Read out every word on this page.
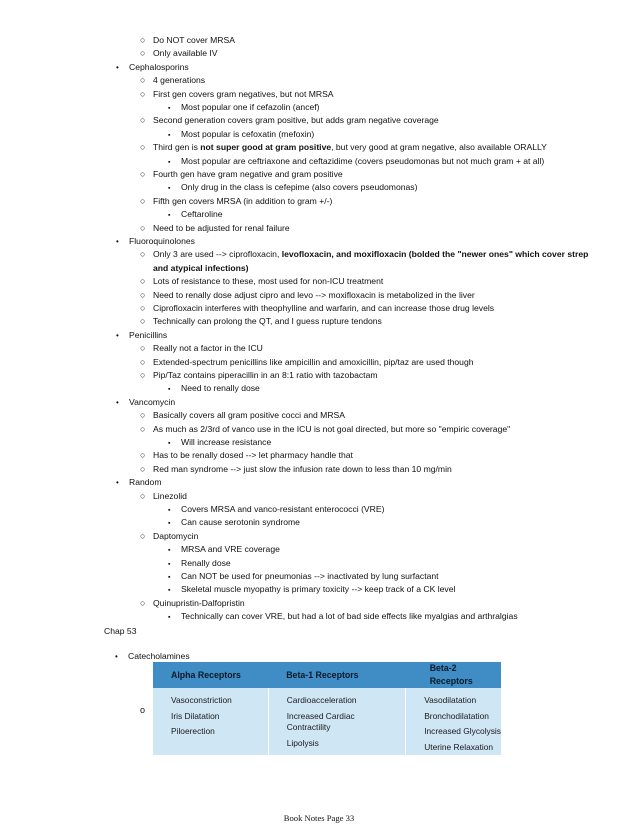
○ Do NOT cover MRSA
○ Only available IV
• Cephalosporins
○ 4 generations
○ First gen covers gram negatives, but not MRSA
▪ Most popular one if cefazolin (ancef)
○ Second generation covers gram positive, but adds gram negative coverage
▪ Most popular is cefoxatin (mefoxin)
○ Third gen is not super good at gram positive, but very good at gram negative, also available ORALLY
▪ Most popular are ceftriaxone and ceftazidime (covers pseudomonas but not much gram + at all)
○ Fourth gen have gram negative and gram positive
▪ Only drug in the class is cefepime (also covers pseudomonas)
○ Fifth gen covers MRSA (in addition to gram +/-)
▪ Ceftaroline
○ Need to be adjusted for renal failure
• Fluoroquinolones
○ Only 3 are used --> ciprofloxacin, levofloxacin, and moxifloxacin (bolded the "newer ones" which cover strep
and atypical infections)
○ Lots of resistance to these, most used for non-ICU treatment
○ Need to renally dose adjust cipro and levo --> moxifloxacin is metabolized in the liver
○ Ciprofloxacin interferes with theophylline and warfarin, and can increase those drug levels
○ Technically can prolong the QT, and I guess rupture tendons
• Penicillins
○ Really not a factor in the ICU
○ Extended-spectrum penicillins like ampicillin and amoxicillin, pip/taz are used though
○ Pip/Taz contains piperacillin in an 8:1 ratio with tazobactam
▪ Need to renally dose
• Vancomycin
○ Basically covers all gram positive cocci and MRSA
○ As much as 2/3rd of vanco use in the ICU is not goal directed, but more so "empiric coverage"
▪ Will increase resistance
○ Has to be renally dosed --> let pharmacy handle that
○ Red man syndrome --> just slow the infusion rate down to less than 10 mg/min
• Random
○ Linezolid
▪ Covers MRSA and vanco-resistant enterococci (VRE)
▪ Can cause serotonin syndrome
○ Daptomycin
▪ MRSA and VRE coverage
▪ Renally dose
▪ Can NOT be used for pneumonias --> inactivated by lung surfactant
▪ Skeletal muscle myopathy is primary toxicity --> keep track of a CK level
○ Quinupristin-Dalfopristin
▪ Technically can cover VRE, but had a lot of bad side effects like myalgias and arthralgias
Chap 53
• Catecholamines
o
Alpha Receptors	Beta-1 Receptors	Beta-2 Receptors

Vasoconstriction
Iris Dilatation
Piloerection	Cardioacceleration
Increased Cardiac Contractility
Lipolysis	Vasodilatation
Bronchodilatation
Increased Glycolysis
Uterine Relaxation
Book Notes Page 33
